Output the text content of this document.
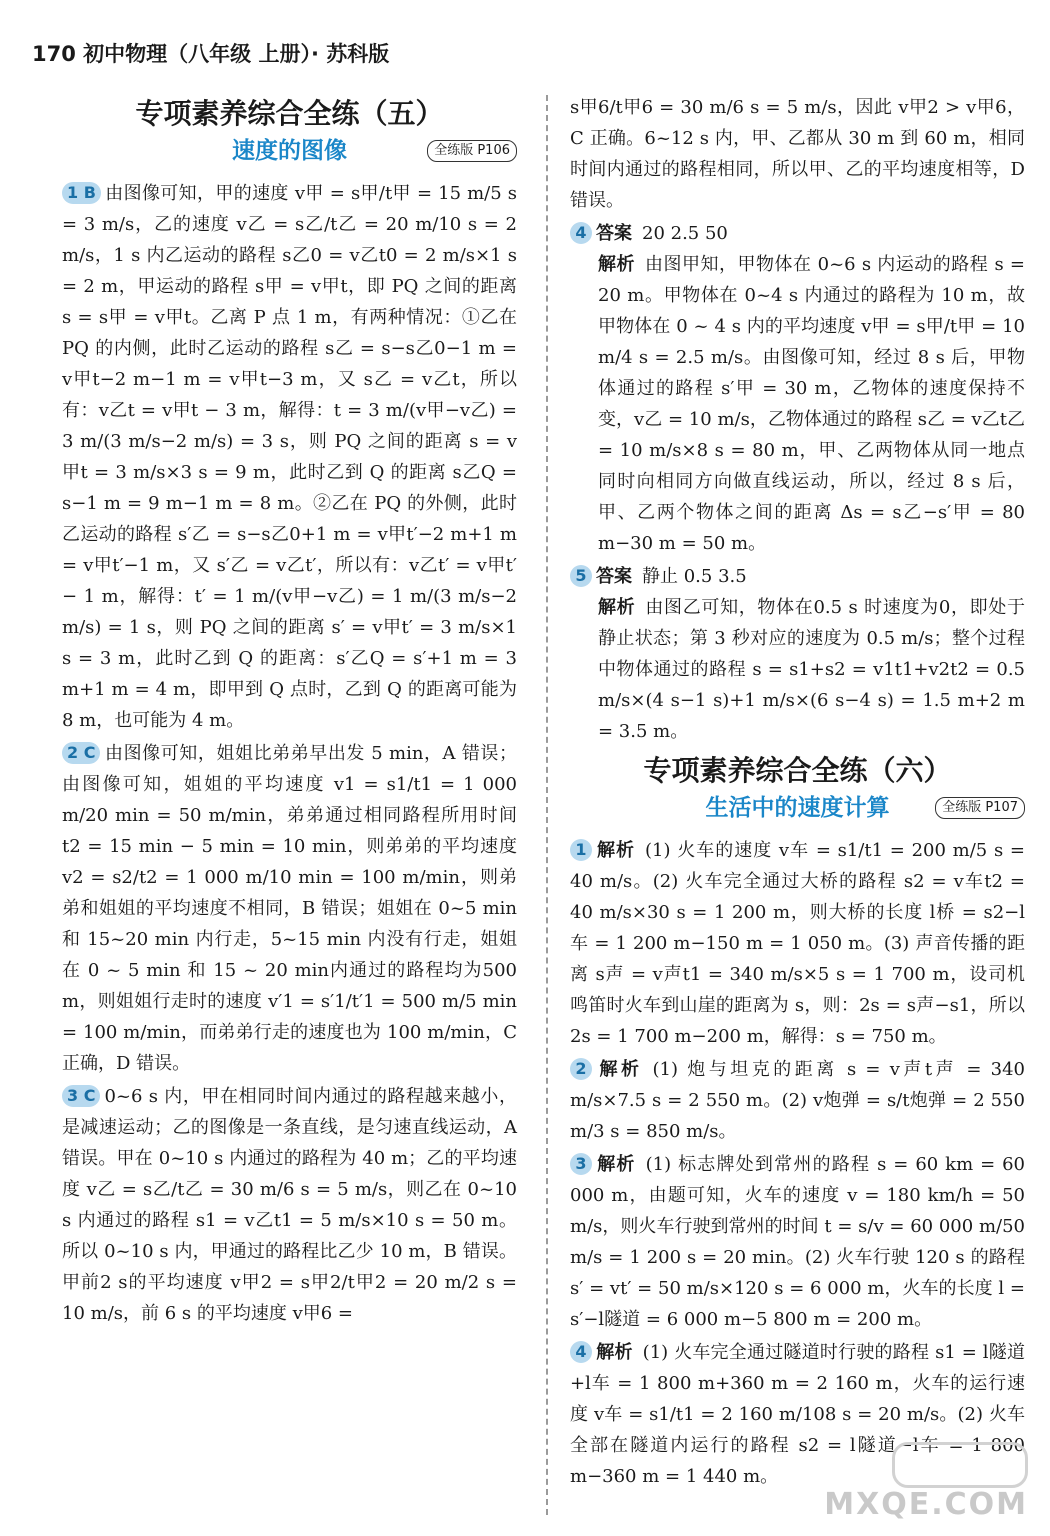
170 初中物理（八年级 上册）· 苏科版
专项素养综合全练（五）
速度的图像	全练版 P106
1 B 由图像可知，甲的速度 v甲 = s甲/t甲 = 15 m/5 s = 3 m/s，乙的速度 v乙 = s乙/t乙 = 20 m/10 s = 2 m/s，1 s 内乙运动的路程 s乙0 = v乙t0 = 2 m/s×1 s = 2 m，甲运动的路程 s甲 = v甲t，即 PQ 之间的距离 s = s甲 = v甲t。乙离 P 点 1 m，有两种情况：①乙在 PQ 的内侧，此时乙运动的路程 s乙 = s−s乙0−1 m = v甲t−2 m−1 m = v甲t−3 m，又 s乙 = v乙t，所以有：v乙t = v甲t − 3 m，解得：t = 3 m/(v甲−v乙) = 3 m/(3 m/s−2 m/s) = 3 s，则 PQ 之间的距离 s = v甲t = 3 m/s×3 s = 9 m，此时乙到 Q 的距离 s乙Q = s−1 m = 9 m−1 m = 8 m。②乙在 PQ 的外侧，此时乙运动的路程 s′乙 = s−s乙0+1 m = v甲t′−2 m+1 m = v甲t′−1 m，又 s′乙 = v乙t′，所以有：v乙t′ = v甲t′ − 1 m，解得：t′ = 1 m/(v甲−v乙) = 1 m/(3 m/s−2 m/s) = 1 s，则 PQ 之间的距离 s′ = v甲t′ = 3 m/s×1 s = 3 m，此时乙到 Q 的距离：s′乙Q = s′+1 m = 3 m+1 m = 4 m，即甲到 Q 点时，乙到 Q 的距离可能为8 m，也可能为 4 m。
2 C 由图像可知，姐姐比弟弟早出发 5 min，A 错误；由图像可知，姐姐的平均速度 v1 = s1/t1 = 1 000 m/20 min = 50 m/min，弟弟通过相同路程所用时间 t2 = 15 min − 5 min = 10 min，则弟弟的平均速度 v2 = s2/t2 = 1 000 m/10 min = 100 m/min，则弟弟和姐姐的平均速度不相同，B 错误；姐姐在 0~5 min和 15~20 min 内行走，5~15 min 内没有行走，姐姐在 0 ~ 5 min 和 15 ~ 20 min内通过的路程均为500 m，则姐姐行走时的速度 v′1 = s′1/t′1 = 500 m/5 min = 100 m/min，而弟弟行走的速度也为 100 m/min，C 正确，D 错误。
3 C 0~6 s 内，甲在相同时间内通过的路程越来越小，是减速运动；乙的图像是一条直线，是匀速直线运动，A 错误。甲在 0~10 s 内通过的路程为 40 m；乙的平均速度 v乙 = s乙/t乙 = 30 m/6 s = 5 m/s，则乙在 0~10 s 内通过的路程 s1 = v乙t1 = 5 m/s×10 s = 50 m。所以 0~10 s 内，甲通过的路程比乙少 10 m，B 错误。甲前2 s的平均速度 v甲2 = s甲2/t甲2 = 20 m/2 s = 10 m/s，前 6 s 的平均速度 v甲6 =
s甲6/t甲6 = 30 m/6 s = 5 m/s，因此 v甲2 > v甲6，C 正确。6~12 s 内，甲、乙都从 30 m 到 60 m，相同时间内通过的路程相同，所以甲、乙的平均速度相等，D 错误。
4 答案 20 2.5 50
解析 由图甲知，甲物体在 0~6 s 内运动的路程 s = 20 m。甲物体在 0~4 s 内通过的路程为 10 m，故甲物体在 0 ~ 4 s 内的平均速度 v甲 = s甲/t甲 = 10 m/4 s = 2.5 m/s。由图像可知，经过 8 s 后，甲物体通过的路程 s′甲 = 30 m，乙物体的速度保持不变，v乙 = 10 m/s，乙物体通过的路程 s乙 = v乙t乙 = 10 m/s×8 s = 80 m，甲、乙两物体从同一地点同时向相同方向做直线运动，所以，经过 8 s 后，甲、乙两个物体之间的距离 Δs = s乙−s′甲 = 80 m−30 m = 50 m。
5 答案 静止 0.5 3.5
解析 由图乙可知，物体在0.5 s 时速度为0，即处于静止状态；第 3 秒对应的速度为 0.5 m/s；整个过程中物体通过的路程 s = s1+s2 = v1t1+v2t2 = 0.5 m/s×(4 s−1 s)+1 m/s×(6 s−4 s) = 1.5 m+2 m = 3.5 m。
专项素养综合全练（六）
生活中的速度计算	全练版 P107
1 解析 (1) 火车的速度 v车 = s1/t1 = 200 m/5 s = 40 m/s。(2) 火车完全通过大桥的路程 s2 = v车t2 = 40 m/s×30 s = 1 200 m，则大桥的长度 l桥 = s2−l车 = 1 200 m−150 m = 1 050 m。(3) 声音传播的距离 s声 = v声t1 = 340 m/s×5 s = 1 700 m，设司机鸣笛时火车到山崖的距离为 s，则：2s = s声−s1，所以 2s = 1 700 m−200 m，解得：s = 750 m。
2 解析 (1) 炮与坦克的距离 s = v声t声 = 340 m/s×7.5 s = 2 550 m。(2) v炮弹 = s/t炮弹 = 2 550 m/3 s = 850 m/s。
3 解析 (1) 标志牌处到常州的路程 s = 60 km = 60 000 m，由题可知，火车的速度 v = 180 km/h = 50 m/s，则火车行驶到常州的时间 t = s/v = 60 000 m/50 m/s = 1 200 s = 20 min。(2) 火车行驶 120 s 的路程 s′ = vt′ = 50 m/s×120 s = 6 000 m，火车的长度 l = s′−l隧道 = 6 000 m−5 800 m = 200 m。
4 解析 (1) 火车完全通过隧道时行驶的路程 s1 = l隧道+l车 = 1 800 m+360 m = 2 160 m，火车的运行速度 v车 = s1/t1 = 2 160 m/108 s = 20 m/s。(2) 火车全部在隧道内运行的路程 s2 = l隧道−l车 = 1 800 m−360 m = 1 440 m。
MXQE.COM
